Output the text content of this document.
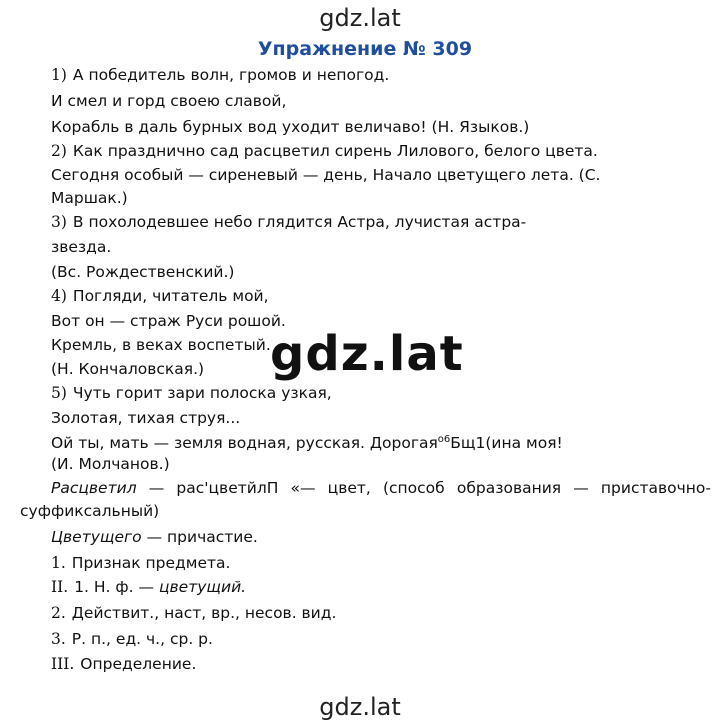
gdz.lat
Упражнение № 309
1) А победитель волн, громов и непогод.
И смел и горд своею славой,
Корабль в даль бурных вод уходит величаво! (Н. Языков.)
2) Как празднично сад расцветил сирень Лилового, белого цвета.
Сегодня особый — сиреневый — день, Начало цветущего лета. (С.
Маршак.)
3) В похолодевшее небо глядится Астра, лучистая астра-
звезда.
(Вс. Рождественский.)
4) Погляди, читатель мой,
Вот он — страж Руси рошой.
Кремль, в веках воспетый.
(Н. Кончаловская.)
5) Чуть горит зари полоска узкая,
Золотая, тихая струя...
Ой ты, мать — земля водная, русская. Дорогая$^{о6}$Бщ1(ина моя!
(И. Молчанов.)
Расцветил — рас'цветйлП «— цвет, (способ образования — приставочно-
суффиксальный)
Цветущего — причастие.
1. Признак предмета.
II. 1. Н. ф. — цветущий.
2. Действит., наст, вр., несов. вид.
3. Р. п., ед. ч., ср. р.
III. Определение.
gdz.lat
gdz.lat
